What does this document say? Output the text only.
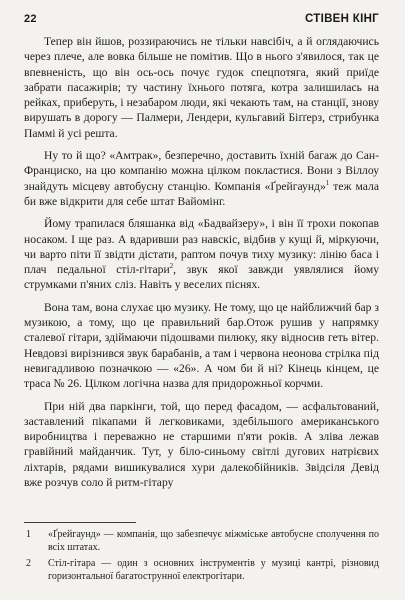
22	СТІВЕН КІНГ

Тепер він йшов, роззираючись не тільки навсібіч, а й оглядаючись через плече, але вовка більше не помітив. Що в нього з'явилося, так це впевненість, що він ось-ось почує гудок спецпотяга, який приїде забрати пасажирів; ту частину їхнього потяга, котра залишилась на рейках, приберуть, і незабаром люди, які чекають там, на станції, знову вирушать в дорогу — Палмери, Лендери, кульгавий Біґґерз, стрибунка Паммі й усі решта.

Ну то й що? «Амтрак», безперечно, доставить їхній багаж до Сан-Франциско, на цю компанію можна цілком покластися. Вони з Віллоу знайдуть місцеву автобусну станцію. Компанія «Ґрейгаунд»$^1$ теж мала би вже відкрити для себе штат Вайомінг.

Йому трапилася бляшанка від «Бадвайзеру», і він її трохи покопав носаком. І ще раз. А вдаривши раз навскіс, відбив у кущі й, міркуючи, чи варто піти її звідти дістати, раптом почув тиху музику: лінію баса і плач педальної стіл-гітари$^2$, звук якої завжди уявлялися йому струмками п'яних сліз. Навіть у веселих піснях.

Вона там, вона слухає цю музику. Не тому, що це найближчий бар з музикою, а тому, що це правильний бар.Отож рушив у напрямку сталевої гітари, здіймаючи підошвами пилюку, яку відносив геть вітер. Невдовзі вирізнився звук барабанів, а там і червона неонова стрілка під невигадливою позначкою — «26». А чом би й ні? Кінець кінцем, це траса № 26. Цілком логічна назва для придорожньої корчми.

При ній два паркінги, той, що перед фасадом, — асфальтований, заставлений пікапами й легковиками, здебільшого американського виробництва і переважно не старшими п'яти років. А зліва лежав гравійний майданчик. Тут, у біло-синьому світлі дугових натрієвих ліхтарів, рядами вишикувалися хури далекобійників. Звідсіля Девід вже розчув соло й ритм-гітару

1 «Ґрейгаунд» — компанія, що забезпечує міжміське автобусне сполучення по всіх штатах.
2 Стіл-гітара — один з основних інструментів у музиці кантрі, різновид горизонтальної багатострунної електрогітари.
